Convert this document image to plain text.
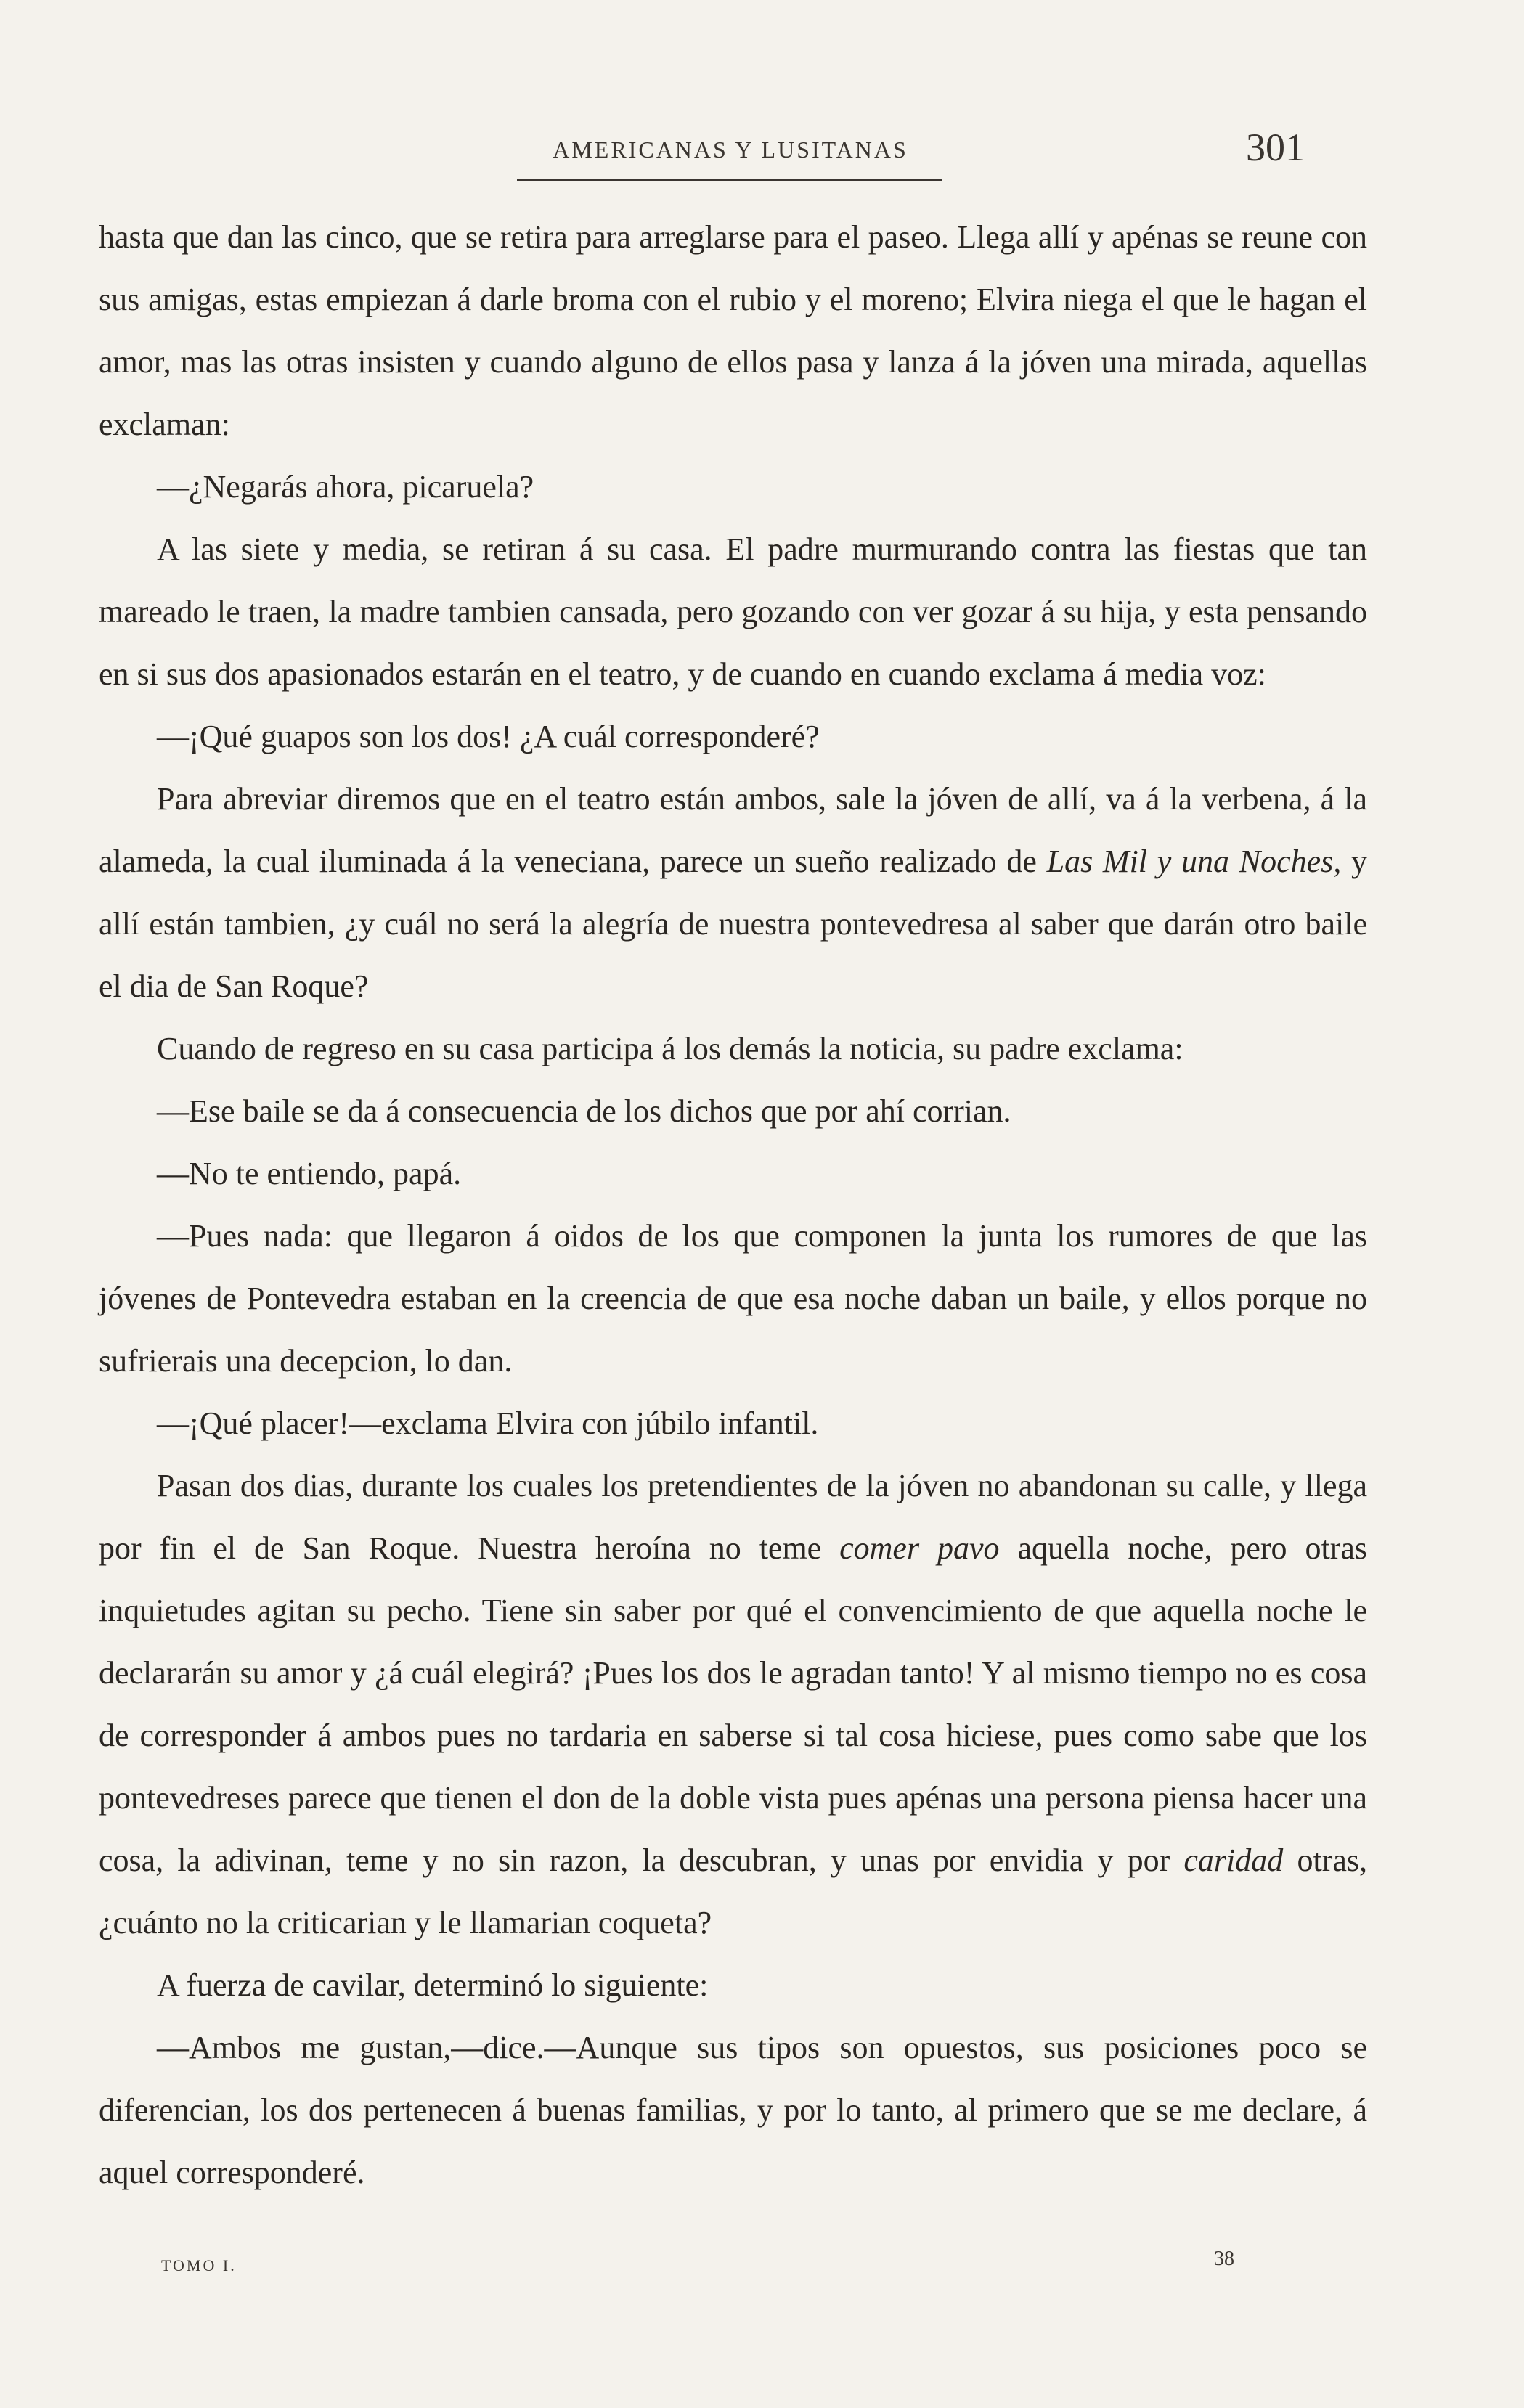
AMERICANAS Y LUSITANAS	301

hasta que dan las cinco, que se retira para arreglarse para el paseo. Llega allí y apénas se reune con sus amigas, estas empiezan á darle broma con el rubio y el moreno; Elvira niega el que le hagan el amor, mas las otras insisten y cuando alguno de ellos pasa y lanza á la jóven una mirada, aquellas exclaman:

—¿Negarás ahora, picaruela?

A las siete y media, se retiran á su casa. El padre murmurando contra las fiestas que tan mareado le traen, la madre tambien cansada, pero gozando con ver gozar á su hija, y esta pensando en si sus dos apasionados estarán en el teatro, y de cuando en cuando exclama á media voz:

—¡Qué guapos son los dos! ¿A cuál corresponderé?

Para abreviar diremos que en el teatro están ambos, sale la jóven de allí, va á la verbena, á la alameda, la cual iluminada á la veneciana, parece un sueño realizado de Las Mil y una Noches, y allí están tambien, ¿y cuál no será la alegría de nuestra pontevedresa al saber que darán otro baile el dia de San Roque?

Cuando de regreso en su casa participa á los demás la noticia, su padre exclama:

—Ese baile se da á consecuencia de los dichos que por ahí corrian.

—No te entiendo, papá.

—Pues nada: que llegaron á oidos de los que componen la junta los rumores de que las jóvenes de Pontevedra estaban en la creencia de que esa noche daban un baile, y ellos porque no sufrierais una decepcion, lo dan.

—¡Qué placer!—exclama Elvira con júbilo infantil.

Pasan dos dias, durante los cuales los pretendientes de la jóven no abandonan su calle, y llega por fin el de San Roque. Nuestra heroína no teme comer pavo aquella noche, pero otras inquietudes agitan su pecho. Tiene sin saber por qué el convencimiento de que aquella noche le declararán su amor y ¿á cuál elegirá? ¡Pues los dos le agradan tanto! Y al mismo tiempo no es cosa de corresponder á ambos pues no tardaria en saberse si tal cosa hiciese, pues como sabe que los pontevedreses parece que tienen el don de la doble vista pues apénas una persona piensa hacer una cosa, la adivinan, teme y no sin razon, la descubran, y unas por envidia y por caridad otras, ¿cuánto no la criticarian y le llamarian coqueta?

A fuerza de cavilar, determinó lo siguiente:

—Ambos me gustan,—dice.—Aunque sus tipos son opuestos, sus posiciones poco se diferencian, los dos pertenecen á buenas familias, y por lo tanto, al primero que se me declare, á aquel corresponderé.

TOMO I.	38
